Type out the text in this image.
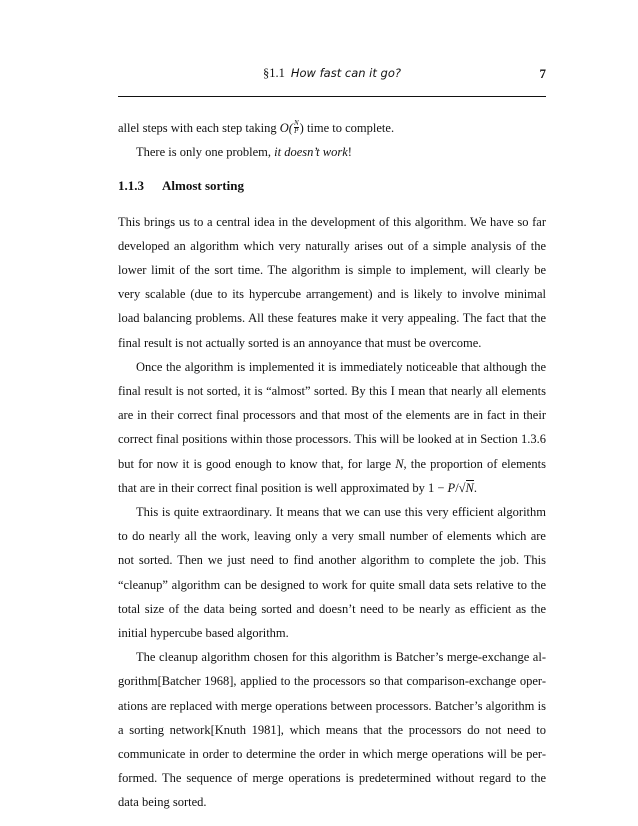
§1.1 How fast can it go?	7

allel steps with each step taking $O( \frac{N}{P}$ ) time to complete.

There is only one problem, it doesn’t work!

1.1.3 Almost sorting

This brings us to a central idea in the development of this algorithm. We have so far developed an algorithm which very naturally arises out of a simple analysis of the lower limit of the sort time. The algorithm is simple to implement, will clearly be very scalable (due to its hypercube arrangement) and is likely to involve minimal load balancing problems. All these features make it very appealing. The fact that the final result is not actually sorted is an annoyance that must be overcome.

Once the algorithm is implemented it is immediately noticeable that although the final result is not sorted, it is “almost” sorted. By this I mean that nearly all elements are in their correct final processors and that most of the elements are in fact in their correct final positions within those processors. This will be looked at in Section 1.3.6 but for now it is good enough to know that, for large N, the proportion of elements that are in their correct final position is well approximated by 1 − P/√N.

This is quite extraordinary. It means that we can use this very efficient algorithm to do nearly all the work, leaving only a very small number of elements which are not sorted. Then we just need to find another algorithm to complete the job. This “cleanup” algorithm can be designed to work for quite small data sets relative to the total size of the data being sorted and doesn’t need to be nearly as efficient as the initial hypercube based algorithm.

The cleanup algorithm chosen for this algorithm is Batcher’s merge-exchange al-gorithm[Batcher 1968], applied to the processors so that comparison-exchange oper-ations are replaced with merge operations between processors. Batcher’s algorithm is a sorting network[Knuth 1981], which means that the processors do not need to communicate in order to determine the order in which merge operations will be per-formed. The sequence of merge operations is predetermined without regard to the data being sorted.
